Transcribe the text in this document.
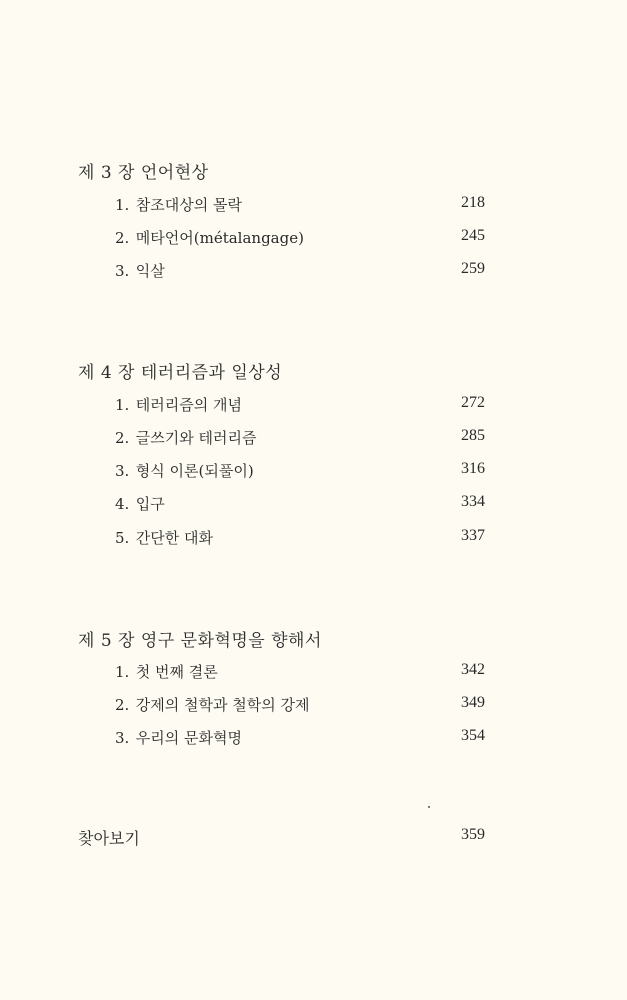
제 3 장 언어현상
1. 참조대상의 몰락	218
2. 메타언어(métalangage)	245
3. 익살	259
제 4 장 테러리즘과 일상성
1. 테러리즘의 개념	272
2. 글쓰기와 테러리즘	285
3. 형식 이론(되풀이)	316
4. 입구	334
5. 간단한 대화	337
제 5 장 영구 문화혁명을 향해서
1. 첫 번째 결론	342
2. 강제의 철학과 철학의 강제	349
3. 우리의 문화혁명	354
찾아보기	359
